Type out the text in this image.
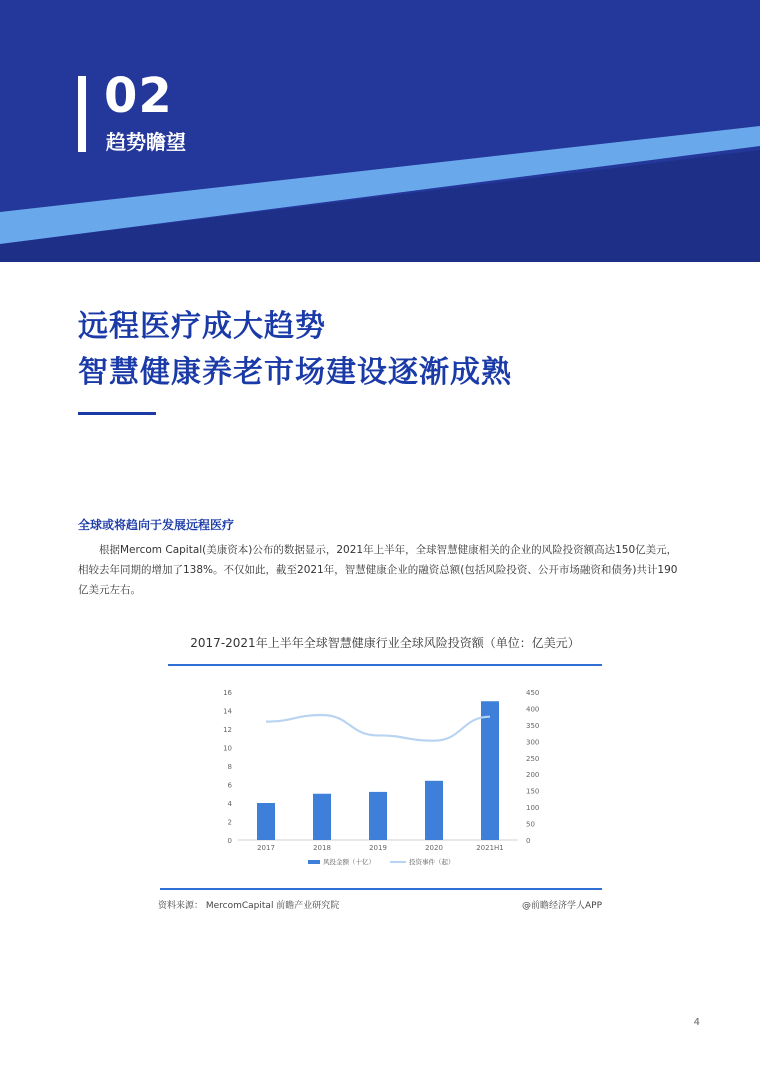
02
趋势瞻望
远程医疗成大趋势
智慧健康养老市场建设逐渐成熟
全球或将趋向于发展远程医疗
根据Mercom Capital(美康资本)公布的数据显示，2021年上半年，全球智慧健康相关的企业的风险投资额高达150亿美元，相较去年同期的增加了138%。不仅如此，截至2021年，智慧健康企业的融资总额(包括风险投资、公开市场融资和债务)共计190 亿美元左右。
2017-2021年上半年全球智慧健康行业全球风险投资额（单位：亿美元）
0
2
4
6
8
10
12
14
16
0
50
100
150
200
250
300
350
400
450
2017	2018	2019	2020	2021H1
风投金额（十亿）	投资事件（起）
资料来源： MercomCapital 前瞻产业研究院	@前瞻经济学人APP
4
